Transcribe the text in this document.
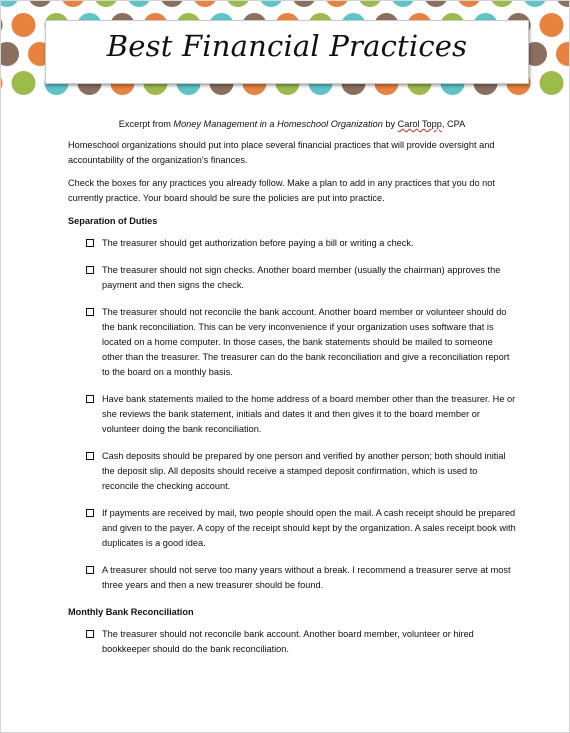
Best Financial Practices
Excerpt from Money Management in a Homeschool Organization by Carol Topp, CPA

Homeschool organizations should put into place several financial practices that will provide oversight and accountability of the organization's finances.

Check the boxes for any practices you already follow. Make a plan to add in any practices that you do not currently practice. Your board should be sure the policies are put into practice.

Separation of Duties
The treasurer should get authorization before paying a bill or writing a check.
The treasurer should not sign checks. Another board member (usually the chairman) approves the payment and then signs the check.
The treasurer should not reconcile the bank account. Another board member or volunteer should do the bank reconciliation. This can be very inconvenience if your organization uses software that is located on a home computer. In those cases, the bank statements should be mailed to someone other than the treasurer. The treasurer can do the bank reconciliation and give a reconciliation report to the board on a monthly basis.
Have bank statements mailed to the home address of a board member other than the treasurer. He or she reviews the bank statement, initials and dates it and then gives it to the board member or volunteer doing the bank reconciliation.
Cash deposits should be prepared by one person and verified by another person; both should initial the deposit slip. All deposits should receive a stamped deposit confirmation, which is used to reconcile the checking account.
If payments are received by mail, two people should open the mail. A cash receipt should be prepared and given to the payer. A copy of the receipt should kept by the organization. A sales receipt book with duplicates is a good idea.
A treasurer should not serve too many years without a break. I recommend a treasurer serve at most three years and then a new treasurer should be found.
Monthly Bank Reconciliation
The treasurer should not reconcile bank account. Another board member, volunteer or hired bookkeeper should do the bank reconciliation.
